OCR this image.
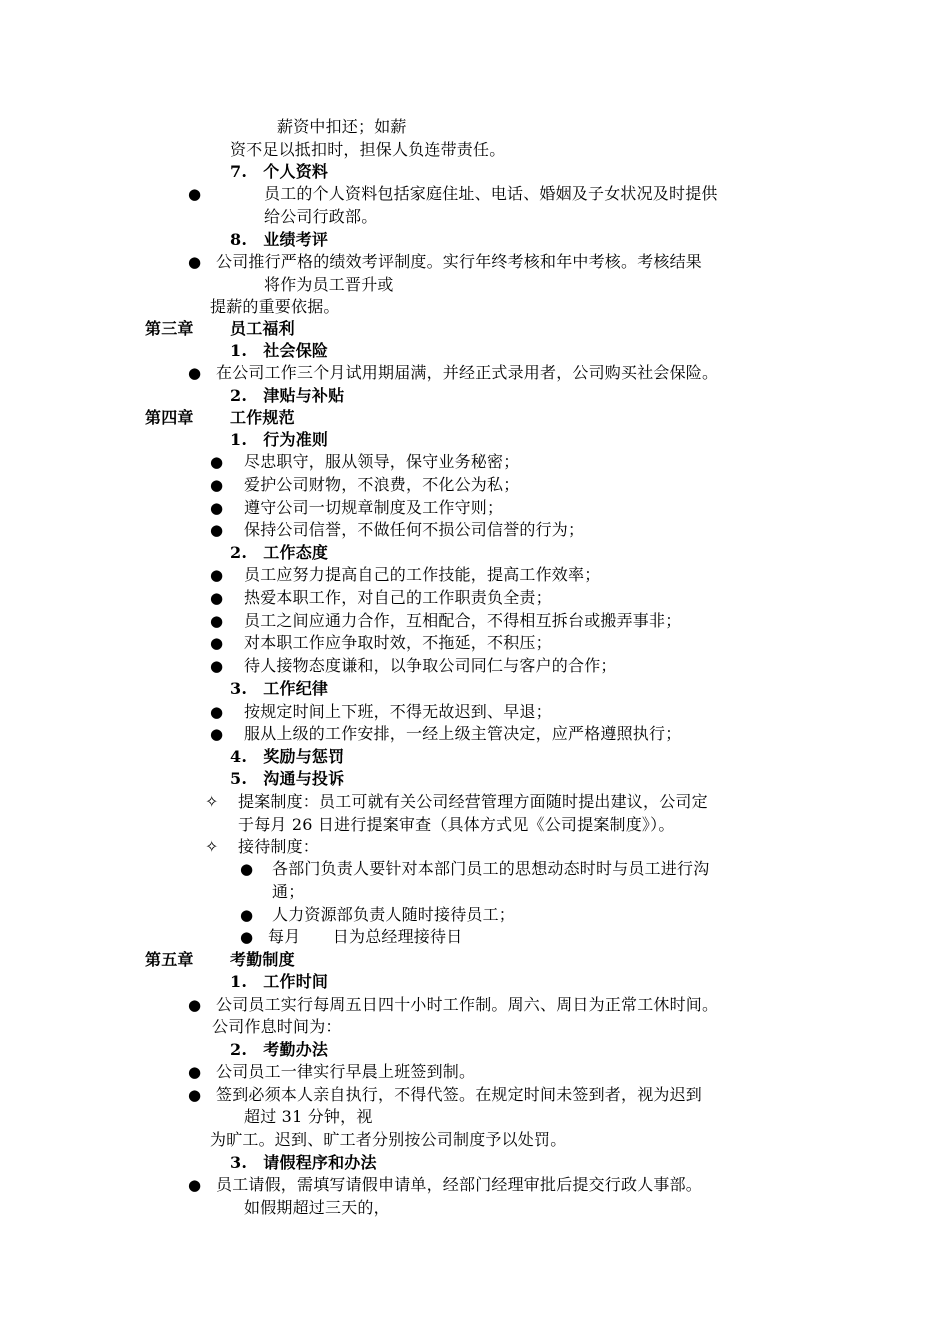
薪资中扣还；如薪
资不足以抵扣时，担保人负连带责任。
7.　个人资料
●	员工的个人资料包括家庭住址、电话、婚姻及子女状况及时提供
给公司行政部。
8.　业绩考评
● 公司推行严格的绩效考评制度。实行年终考核和年中考核。考核结果
将作为员工晋升或
提薪的重要依据。
第三章 员工福利
1.　社会保险
● 在公司工作三个月试用期届满，并经正式录用者，公司购买社会保险。
2.　津贴与补贴
第四章 工作规范
1.　行为准则
● 尽忠职守，服从领导，保守业务秘密；
● 爱护公司财物，不浪费，不化公为私；
● 遵守公司一切规章制度及工作守则；
● 保持公司信誉，不做任何不损公司信誉的行为；
2.　工作态度
● 员工应努力提高自己的工作技能，提高工作效率；
● 热爱本职工作，对自己的工作职责负全责；
● 员工之间应通力合作，互相配合，不得相互拆台或搬弄事非；
● 对本职工作应争取时效，不拖延，不积压；
● 待人接物态度谦和，以争取公司同仁与客户的合作；
3.　工作纪律
● 按规定时间上下班，不得无故迟到、早退；
● 服从上级的工作安排，一经上级主管决定，应严格遵照执行；
4.　奖励与惩罚
5.　沟通与投诉
✧ 提案制度：员工可就有关公司经营管理方面随时提出建议，公司定
于每月 26 日进行提案审查（具体方式见《公司提案制度》）。
✧ 接待制度：
● 各部门负责人要针对本部门员工的思想动态时时与员工进行沟
通；
● 人力资源部负责人随时接待员工；
● 每月　　日为总经理接待日
第五章 考勤制度
1.　工作时间
● 公司员工实行每周五日四十小时工作制。周六、周日为正常工休时间。
公司作息时间为：
2.　考勤办法
● 公司员工一律实行早晨上班签到制。
● 签到必须本人亲自执行，不得代签。在规定时间未签到者，视为迟到
超过 31 分钟，视
为旷工。迟到、旷工者分别按公司制度予以处罚。
3.　请假程序和办法
● 员工请假，需填写请假申请单，经部门经理审批后提交行政人事部。
如假期超过三天的，
